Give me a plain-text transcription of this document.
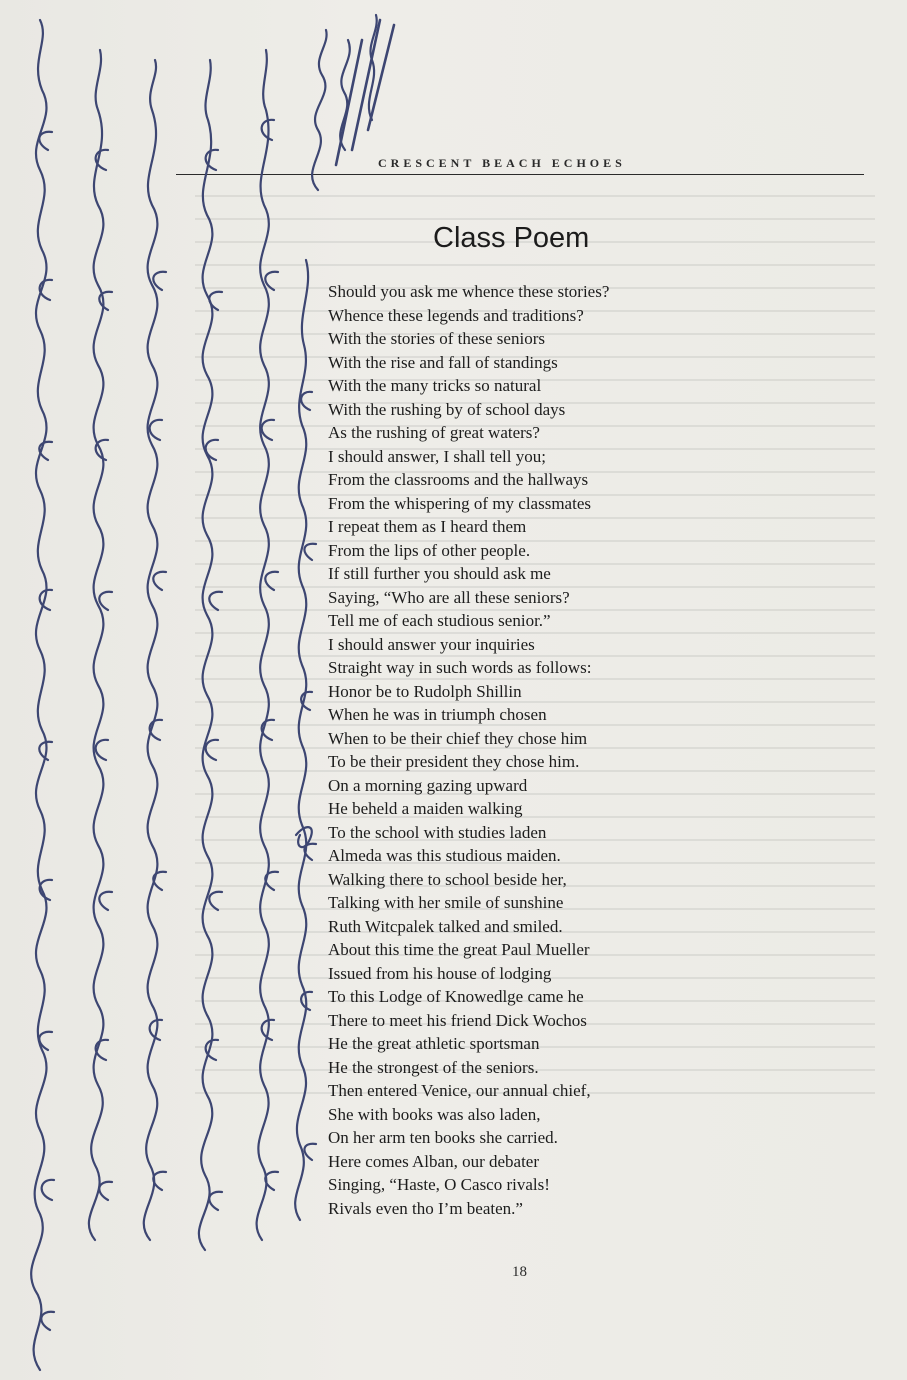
CRESCENT BEACH ECHOES
Class Poem
Should you ask me whence these stories?
Whence these legends and traditions?
With the stories of these seniors
With the rise and fall of standings
With the many tricks so natural
With the rushing by of school days
As the rushing of great waters?
I should answer, I shall tell you;
From the classrooms and the hallways
From the whispering of my classmates
I repeat them as I heard them
From the lips of other people.
If still further you should ask me
Saying, “Who are all these seniors?
Tell me of each studious senior.”
I should answer your inquiries
Straight way in such words as follows:
Honor be to Rudolph Shillin
When he was in triumph chosen
When to be their chief they chose him
To be their president they chose him.
On a morning gazing upward
He beheld a maiden walking
To the school with studies laden
Almeda was this studious maiden.
Walking there to school beside her,
Talking with her smile of sunshine
Ruth Witcpalek talked and smiled.
About this time the great Paul Mueller
Issued from his house of lodging
To this Lodge of Knowedlge came he
There to meet his friend Dick Wochos
He the great athletic sportsman
He the strongest of the seniors.
Then entered Venice, our annual chief,
She with books was also laden,
On her arm ten books she carried.
Here comes Alban, our debater
Singing, “Haste, O Casco rivals!
Rivals even tho I’m beaten.”
18
